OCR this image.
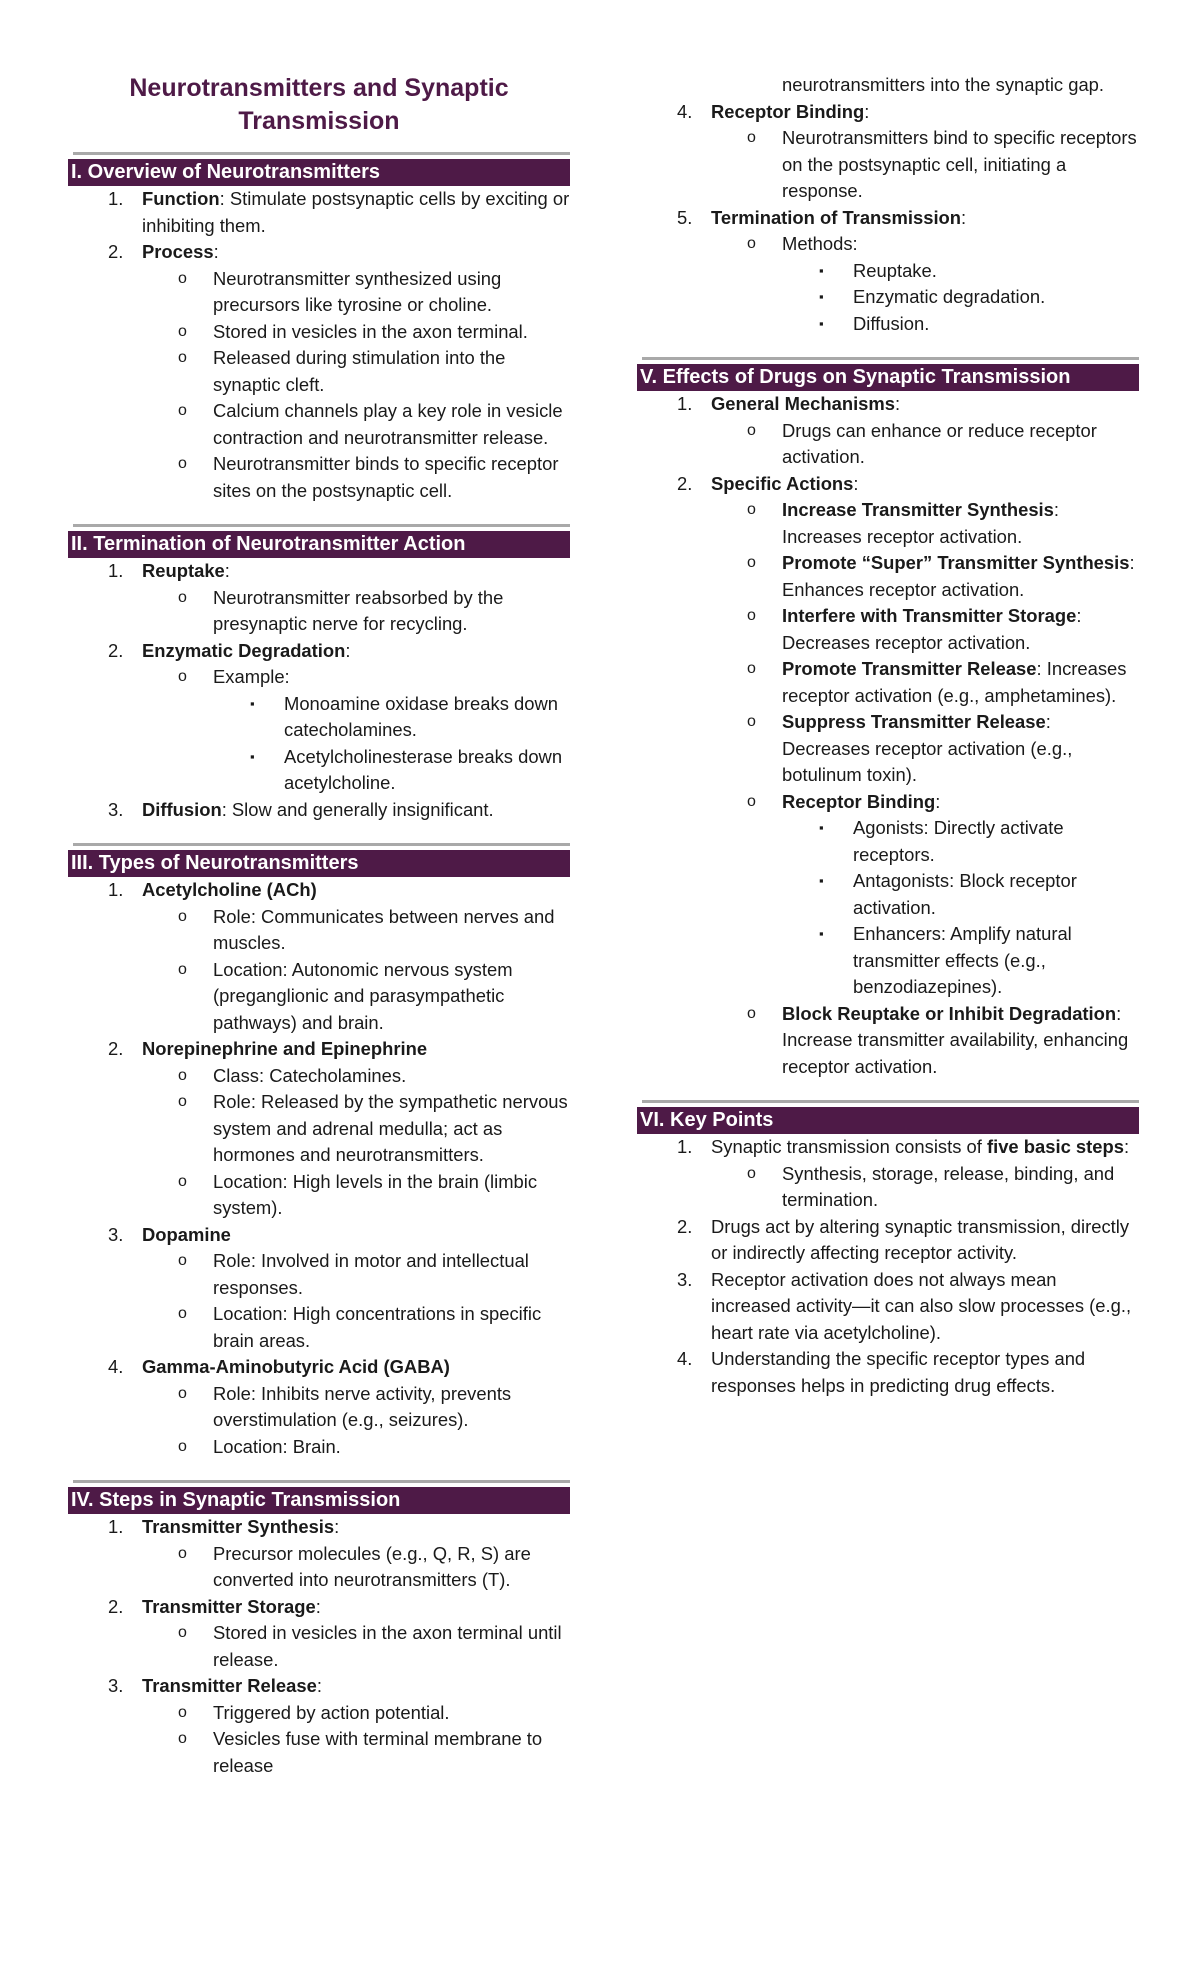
Neurotransmitters and Synaptic Transmission
I. Overview of Neurotransmitters
1. Function: Stimulate postsynaptic cells by exciting or inhibiting them.
2. Process:
o Neurotransmitter synthesized using precursors like tyrosine or choline.
o Stored in vesicles in the axon terminal.
o Released during stimulation into the synaptic cleft.
o Calcium channels play a key role in vesicle contraction and neurotransmitter release.
o Neurotransmitter binds to specific receptor sites on the postsynaptic cell.
II. Termination of Neurotransmitter Action
1. Reuptake:
o Neurotransmitter reabsorbed by the presynaptic nerve for recycling.
2. Enzymatic Degradation:
o Example:
▪ Monoamine oxidase breaks down catecholamines.
▪ Acetylcholinesterase breaks down acetylcholine.
3. Diffusion: Slow and generally insignificant.
III. Types of Neurotransmitters
1. Acetylcholine (ACh)
o Role: Communicates between nerves and muscles.
o Location: Autonomic nervous system (preganglionic and parasympathetic pathways) and brain.
2. Norepinephrine and Epinephrine
o Class: Catecholamines.
o Role: Released by the sympathetic nervous system and adrenal medulla; act as hormones and neurotransmitters.
o Location: High levels in the brain (limbic system).
3. Dopamine
o Role: Involved in motor and intellectual responses.
o Location: High concentrations in specific brain areas.
4. Gamma-Aminobutyric Acid (GABA)
o Role: Inhibits nerve activity, prevents overstimulation (e.g., seizures).
o Location: Brain.
IV. Steps in Synaptic Transmission
1. Transmitter Synthesis:
o Precursor molecules (e.g., Q, R, S) are converted into neurotransmitters (T).
2. Transmitter Storage:
o Stored in vesicles in the axon terminal until release.
3. Transmitter Release:
o Triggered by action potential.
o Vesicles fuse with terminal membrane to release
neurotransmitters into the synaptic gap.
4. Receptor Binding:
o Neurotransmitters bind to specific receptors on the postsynaptic cell, initiating a response.
5. Termination of Transmission:
o Methods:
▪ Reuptake.
▪ Enzymatic degradation.
▪ Diffusion.
V. Effects of Drugs on Synaptic Transmission
1. General Mechanisms:
o Drugs can enhance or reduce receptor activation.
2. Specific Actions:
o Increase Transmitter Synthesis: Increases receptor activation.
o Promote “Super” Transmitter Synthesis: Enhances receptor activation.
o Interfere with Transmitter Storage: Decreases receptor activation.
o Promote Transmitter Release: Increases receptor activation (e.g., amphetamines).
o Suppress Transmitter Release: Decreases receptor activation (e.g., botulinum toxin).
o Receptor Binding:
▪ Agonists: Directly activate receptors.
▪ Antagonists: Block receptor activation.
▪ Enhancers: Amplify natural transmitter effects (e.g., benzodiazepines).
o Block Reuptake or Inhibit Degradation: Increase transmitter availability, enhancing receptor activation.
VI. Key Points
1. Synaptic transmission consists of five basic steps:
o Synthesis, storage, release, binding, and termination.
2. Drugs act by altering synaptic transmission, directly or indirectly affecting receptor activity.
3. Receptor activation does not always mean increased activity—it can also slow processes (e.g., heart rate via acetylcholine).
4. Understanding the specific receptor types and responses helps in predicting drug effects.
